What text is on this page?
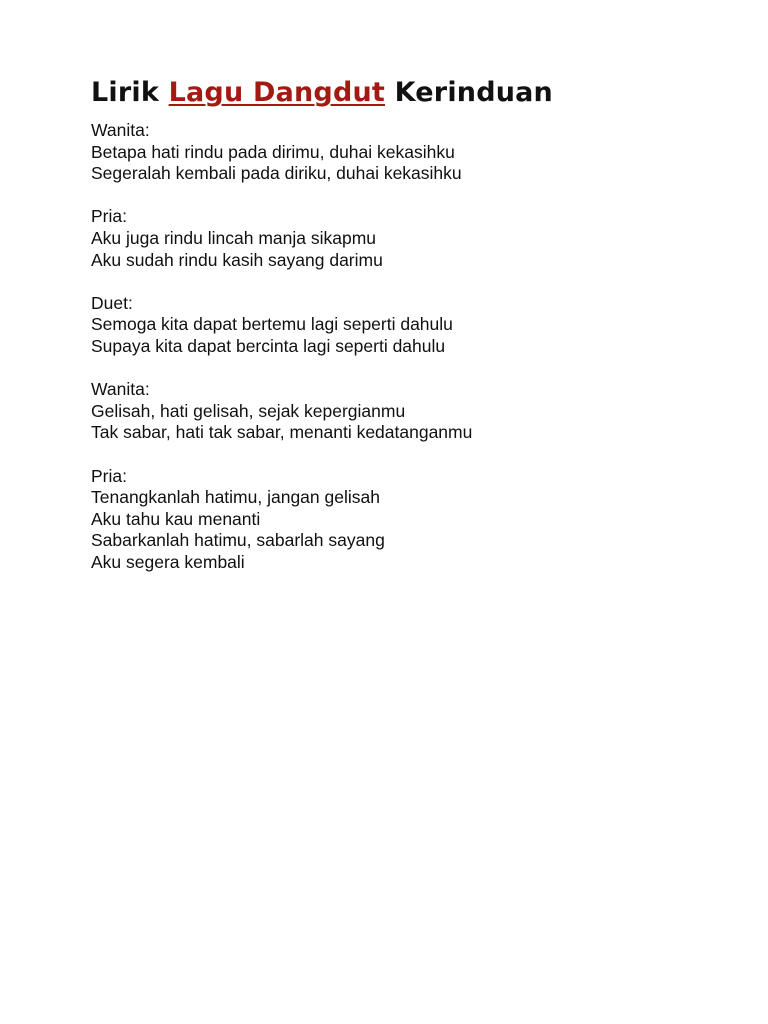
Lirik Lagu Dangdut Kerinduan
Wanita:
Betapa hati rindu pada dirimu, duhai kekasihku
Segeralah kembali pada diriku, duhai kekasihku
Pria:
Aku juga rindu lincah manja sikapmu
Aku sudah rindu kasih sayang darimu
Duet:
Semoga kita dapat bertemu lagi seperti dahulu
Supaya kita dapat bercinta lagi seperti dahulu
Wanita:
Gelisah, hati gelisah, sejak kepergianmu
Tak sabar, hati tak sabar, menanti kedatanganmu
Pria:
Tenangkanlah hatimu, jangan gelisah
Aku tahu kau menanti
Sabarkanlah hatimu, sabarlah sayang
Aku segera kembali
